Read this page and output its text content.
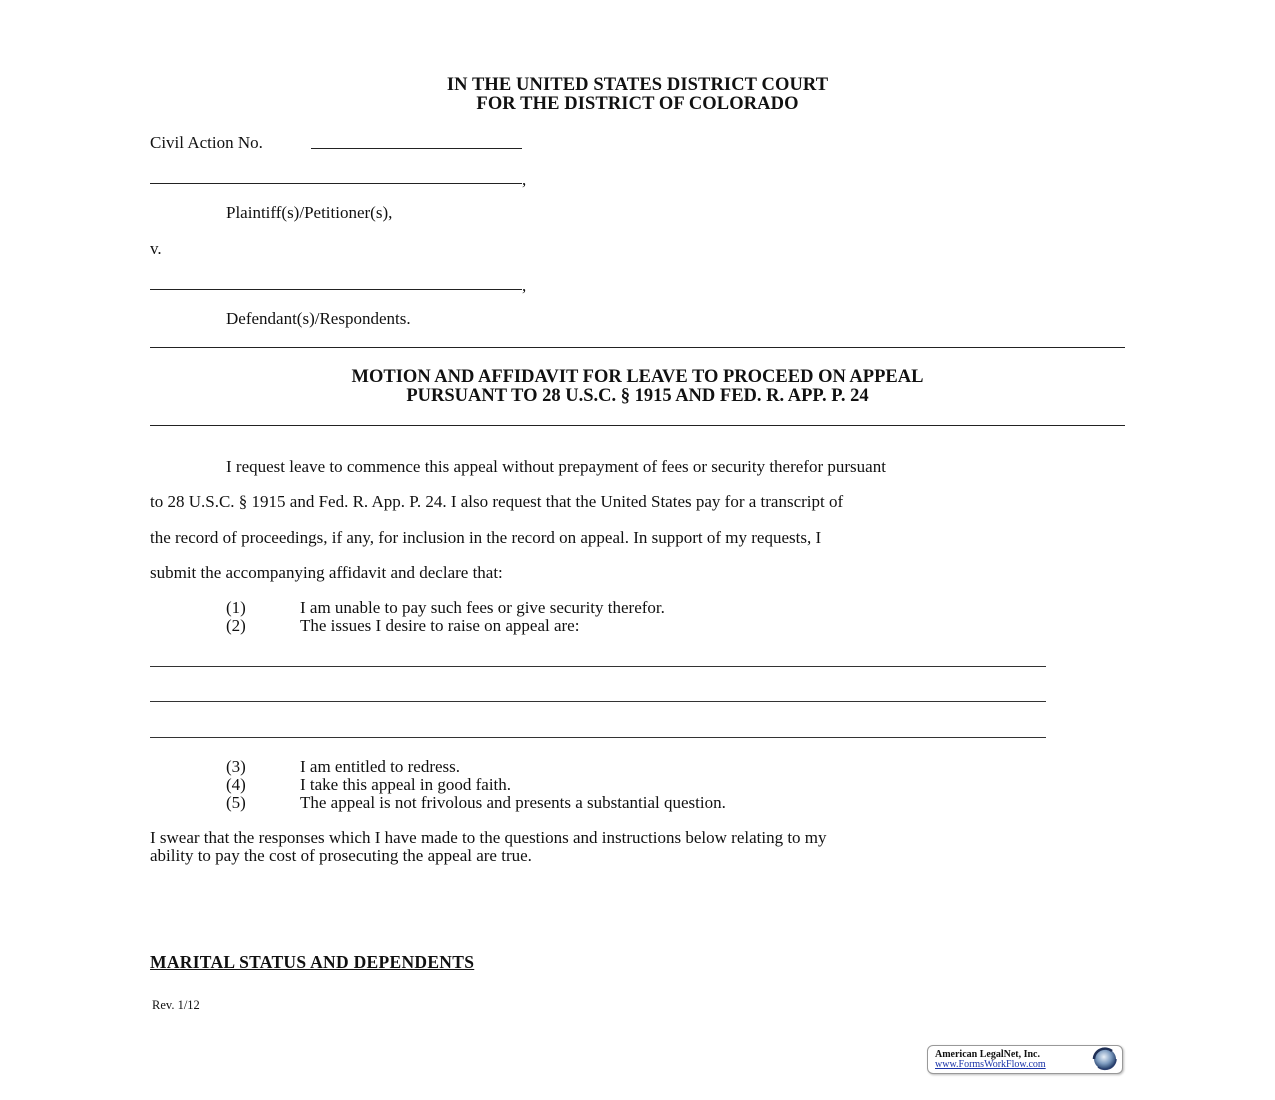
IN THE UNITED STATES DISTRICT COURT
FOR THE DISTRICT OF COLORADO
Civil Action No.
,
Plaintiff(s)/Petitioner(s),
v.
,
Defendant(s)/Respondents.
MOTION AND AFFIDAVIT FOR LEAVE TO PROCEED ON APPEAL
PURSUANT TO 28 U.S.C. § 1915 AND FED. R. APP. P. 24
I request leave to commence this appeal without prepayment of fees or security therefor pursuant
to 28 U.S.C. § 1915 and Fed. R. App. P. 24. I also request that the United States pay for a transcript of
the record of proceedings, if any, for inclusion in the record on appeal. In support of my requests, I
submit the accompanying affidavit and declare that:
(1)	I am unable to pay such fees or give security therefor.
(2)	The issues I desire to raise on appeal are:
(3)	I am entitled to redress.
(4)	I take this appeal in good faith.
(5)	The appeal is not frivolous and presents a substantial question.
I swear that the responses which I have made to the questions and instructions below relating to my
ability to pay the cost of prosecuting the appeal are true.
MARITAL STATUS AND DEPENDENTS
Rev. 1/12
American LegalNet, Inc.
www.FormsWorkFlow.com
